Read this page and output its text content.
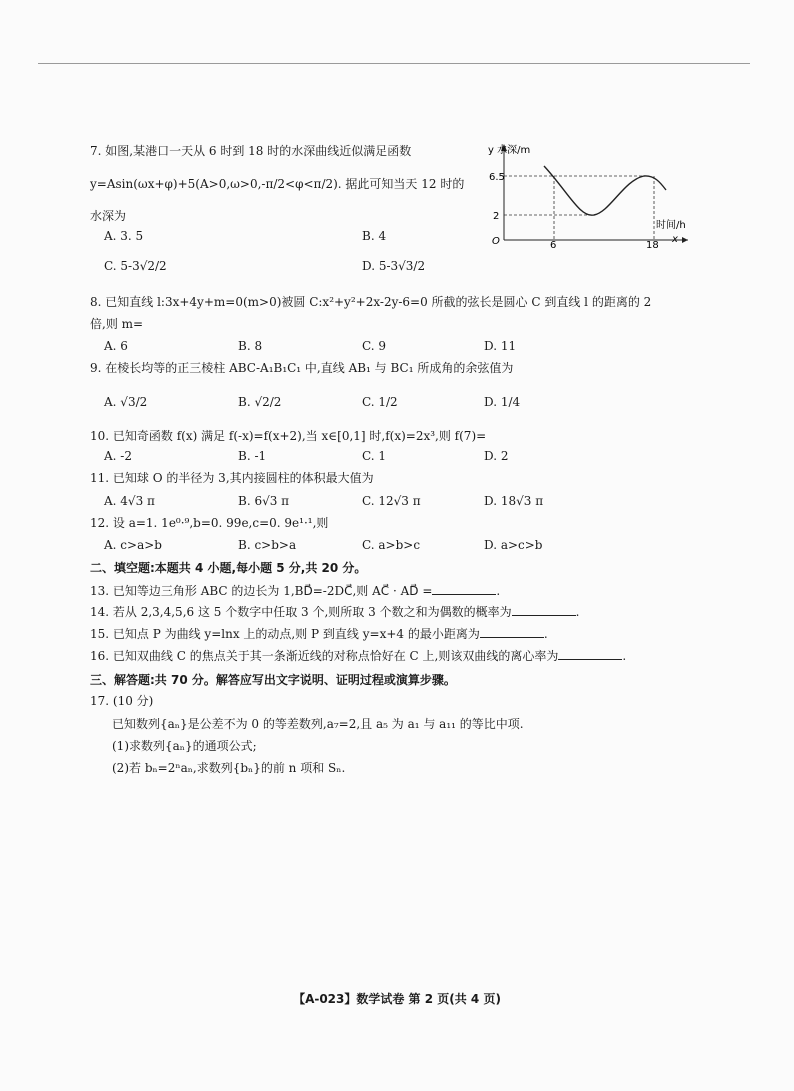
7. 如图,某港口一天从 6 时到 18 时的水深曲线近似满足函数
y=Asin(ωx+φ)+5(A>0,ω>0,-π/2<φ<π/2). 据此可知当天 12 时的
水深为
A. 3. 5	B. 4
C. 5-3√2/2	D. 5-3√3/2
y 水深/m
时间/h
x
O
6.5
2
6	18
8. 已知直线 l:3x+4y+m=0(m>0)被圆 C:x²+y²+2x-2y-6=0 所截的弦长是圆心 C 到直线 l 的距离的 2
倍,则 m=
A. 6	B. 8	C. 9	D. 11
9. 在棱长均等的正三棱柱 ABC-A₁B₁C₁ 中,直线 AB₁ 与 BC₁ 所成角的余弦值为
A. √3/2	B. √2/2	C. 1/2	D. 1/4
10. 已知奇函数 f(x) 满足 f(-x)=f(x+2),当 x∈[0,1] 时,f(x)=2x³,则 f(7)=
A. -2	B. -1	C. 1	D. 2
11. 已知球 O 的半径为 3,其内接圆柱的体积最大值为
A. 4√3 π	B. 6√3 π	C. 12√3 π	D. 18√3 π
12. 设 a=1. 1e⁰·⁹,b=0. 99e,c=0. 9e¹·¹,则
A. c>a>b	B. c>b>a	C. a>b>c	D. a>c>b
二、填空题:本题共 4 小题,每小题 5 分,共 20 分。
13. 已知等边三角形 ABC 的边长为 1,BD⃗=-2DC⃗,则 AC⃗ · AD⃗ =	.
14. 若从 2,3,4,5,6 这 5 个数字中任取 3 个,则所取 3 个数之和为偶数的概率为	.
15. 已知点 P 为曲线 y=lnx 上的动点,则 P 到直线 y=x+4 的最小距离为	.
16. 已知双曲线 C 的焦点关于其一条渐近线的对称点恰好在 C 上,则该双曲线的离心率为	.
三、解答题:共 70 分。解答应写出文字说明、证明过程或演算步骤。
17. (10 分)
已知数列{aₙ}是公差不为 0 的等差数列,a₇=2,且 a₅ 为 a₁ 与 a₁₁ 的等比中项.
(1)求数列{aₙ}的通项公式;
(2)若 bₙ=2ⁿaₙ,求数列{bₙ}的前 n 项和 Sₙ.
【A-023】数学试卷 第 2 页(共 4 页)
